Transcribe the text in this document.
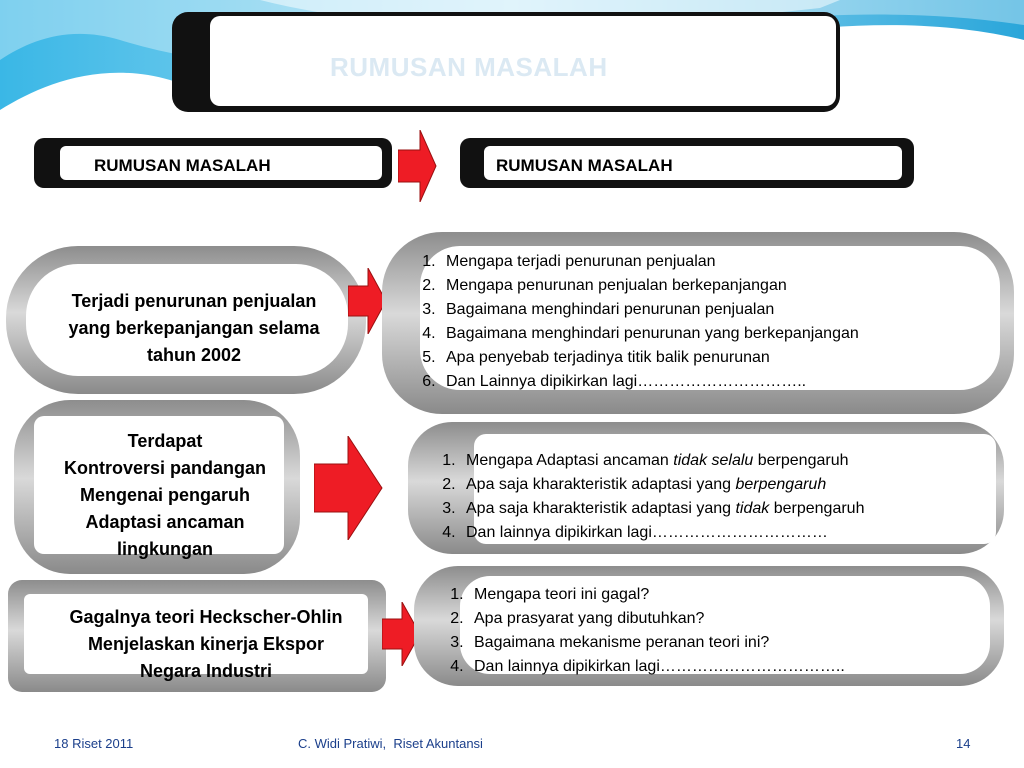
RUMUSAN MASALAH
RUMUSAN MASALAH	RUMUSAN MASALAH
Terjadi penurunan penjualan
yang berkepanjangan selama
tahun 2002
1. Mengapa terjadi penurunan penjualan
2. Mengapa penurunan penjualan berkepanjangan
3. Bagaimana menghindari penurunan penjualan
4. Bagaimana menghindari penurunan yang berkepanjangan
5. Apa penyebab terjadinya titik balik penurunan
6. Dan Lainnya dipikirkan lagi…………………………..
Terdapat
Kontroversi pandangan
Mengenai pengaruh
Adaptasi ancaman
lingkungan
1. Mengapa Adaptasi ancaman tidak selalu berpengaruh
2. Apa saja kharakteristik adaptasi yang berpengaruh
3. Apa saja kharakteristik adaptasi yang tidak berpengaruh
4. Dan lainnya dipikirkan lagi……………………………
Gagalnya teori Heckscher-Ohlin
Menjelaskan kinerja Ekspor
Negara Industri
1. Mengapa teori ini gagal?
2. Apa prasyarat yang dibutuhkan?
3. Bagaimana mekanisme peranan teori ini?
4. Dan lainnya dipikirkan lagi……………………………..
18 Riset 2011	C. Widi Pratiwi,  Riset Akuntansi	14
